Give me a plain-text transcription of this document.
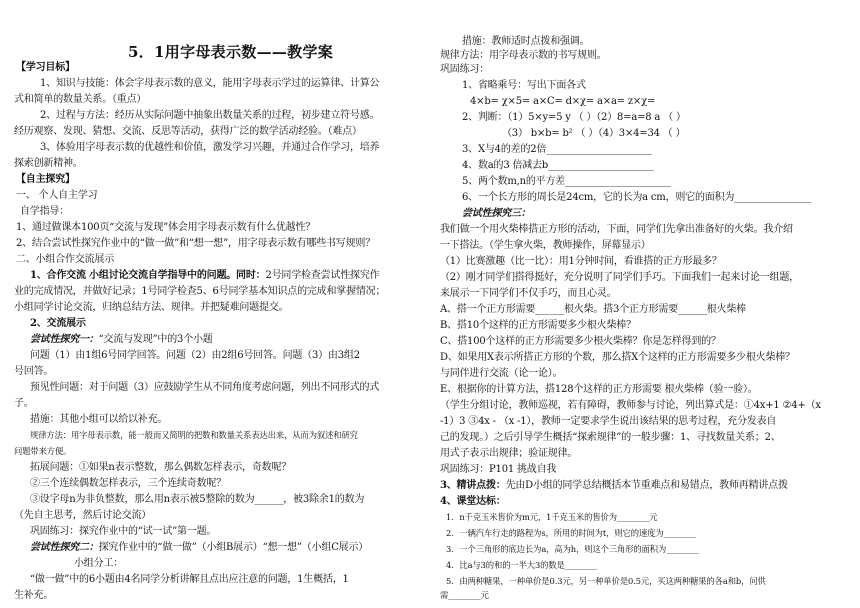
5．1用字母表示数——教学案
【学习目标】
1、知识与技能：体会字母表示数的意义，能用字母表示学过的运算律、计算公
式和简单的数量关系。（重点）
2、过程与方法：经历从实际问题中抽象出数量关系的过程，初步建立符号感。
经历观察、发现、猜想、交流、反思等活动，获得广泛的数学活动经验。（难点）
3、体验用字母表示数的优越性和价值，激发学习兴趣，并通过合作学习，培养
探索创新精神。
【自主探究】
一、 个人自主学习
自学指导：
1、通过做课本100页“交流与发现”体会用字母表示数有什么优越性？
2、结合尝试性探究作业中的“做一做”和“想一想”，用字母表示数有哪些书写规则？
二、小组合作交流展示
1、合作交流 小组讨论交流自学指导中的问题。同时：2号同学检查尝试性探究作
业的完成情况，并做好记录；1号同学检查5、6号同学基本知识点的完成和掌握情况；
小组同学讨论交流，归纳总结方法、规律。并把疑难问题提交。
2、交流展示
尝试性探究一：“交流与发现”中的3个小题
问题（1）由1组6号同学回答。问题（2）由2组6号回答。问题（3）由3组2
号回答。
预见性问题：对于问题（3）应鼓励学生从不同角度考虑问题，列出不同形式的式
子。
措施：其他小组可以给以补充。
规律方法：用字母表示数，能一般而又简明的把数和数量关系表达出来，从而为叙述和研究
问题带来方便。
拓展问题：①如果n表示整数，那么偶数怎样表示，奇数呢？
②三个连续偶数怎样表示，三个连续奇数呢？
③设字母n为非负整数，那么用n表示被5整除的数为______，被3除余1的数为
（先自主思考，然后讨论交流）
巩固练习：探究作业中的“试一试”第一题。
尝试性探究二：探究作业中的“做一做”（小组B展示）“想一想”（小组C展示）
小组分工：
“做一做”中的6小题由4名同学分析讲解且点出应注意的问题，1生概括，1
生补充。
措施：教师适时点拨和强调。
规律方法：用字母表示数的书写规则。
巩固练习：
1、省略乘号：写出下面各式
4×b= χ×5= a×C= d×χ= a×a= z×χ=
2、判断：（1）5×y=5 y （ ）（2）8=a=8 a （ ）
（3） b×b= b² （ ）（4）3×4=34 （ ）
3、X与4的差的2倍______________________
4、数a的3 倍减去b______________________
5、两个数m,n的平方差______________________
6、一个长方形的周长是24cm，它的长为a cm，则它的面积为________________
尝试性探究三：
我们做一个用火柴棒搭正方形的活动，下面，同学们先拿出准备好的火柴。我介绍
一下搭法。（学生拿火柴，教师操作，屏幕显示）
（1）比赛激趣（比一比）：用1分钟时间，看谁搭的正方形最多？
（2）刚才同学们搭得挺好，充分说明了同学们手巧。下面我们一起来讨论一组题，
来展示一下同学们不仅手巧，而且心灵。
A、搭一个正方形需要______根火柴。搭3个正方形需要______根火柴棒
B、搭10个这样的正方形需要多少根火柴棒？
C、搭100个这样的正方形需要多少根火柴棒？你是怎样得到的？
D、如果用X表示所搭正方形的个数，那么搭X个这样的正方形需要多少根火柴棒？
与同伴进行交流（论一论）。
E、根据你的计算方法，搭128个这样的正方形需要 根火柴棒（验一验）。
（学生分组讨论，教师巡视，若有障碍，教师参与讨论，列出算式是：①4x+1 ②4+（x
-1）3 ③4x - （x -1），教师一定要求学生说出该结果的思考过程，充分发表自
己的发现。）之后引导学生概括“探索规律”的一般步骤：1、寻找数量关系；2、
用式子表示出规律；验证规律。
巩固练习：P101 挑战自我
3、精讲点拨：先由D小组的同学总结概括本节重难点和易错点，教师再精讲点拨
4、课堂达标：
1．n千克玉米售价为m元，1千克玉米的售价为________元
2．一辆汽车行走的路程为s，所用的时间为t，则它的速度为________
3．一个三角形的底边长为a，高为h，则这个三角形的面积为________
4．比a与3的和的一半大3的数是________
5．由两种糖果，一种单价是0.3元，另一种单价是0.5元，买这两种糖果的各a和b，问供
需________元
